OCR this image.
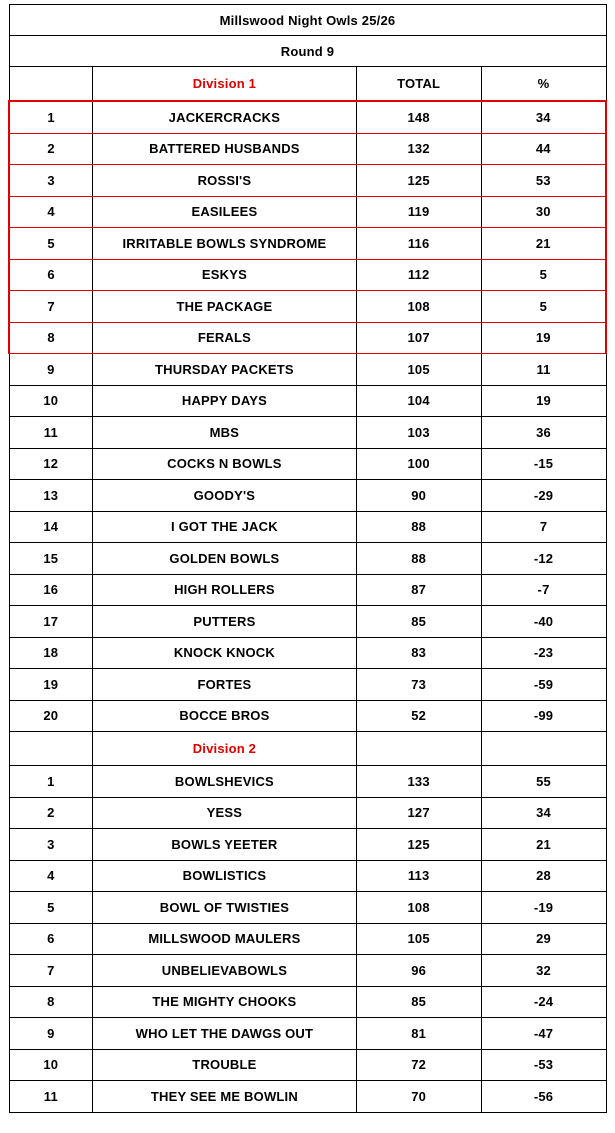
Millswood Night Owls 25/26			
Round 9			
	Division 1	TOTAL	%
1	JACKERCRACKS	148	34
2	BATTERED HUSBANDS	132	44
3	ROSSI'S	125	53
4	EASILEES	119	30
5	IRRITABLE BOWLS SYNDROME	116	21
6	ESKYS	112	5
7	THE PACKAGE	108	5
8	FERALS	107	19
9	THURSDAY PACKETS	105	11
10	HAPPY DAYS	104	19
11	MBS	103	36
12	COCKS N BOWLS	100	-15
13	GOODY'S	90	-29
14	I GOT THE JACK	88	7
15	GOLDEN BOWLS	88	-12
16	HIGH ROLLERS	87	-7
17	PUTTERS	85	-40
18	KNOCK KNOCK	83	-23
19	FORTES	73	-59
20	BOCCE BROS	52	-99
	Division 2		
1	BOWLSHEVICS	133	55
2	YESS	127	34
3	BOWLS YEETER	125	21
4	BOWLISTICS	113	28
5	BOWL OF TWISTIES	108	-19
6	MILLSWOOD MAULERS	105	29
7	UNBELIEVABOWLS	96	32
8	THE MIGHTY CHOOKS	85	-24
9	WHO LET THE DAWGS OUT	81	-47
10	TROUBLE	72	-53
11	THEY SEE ME BOWLIN	70	-56
